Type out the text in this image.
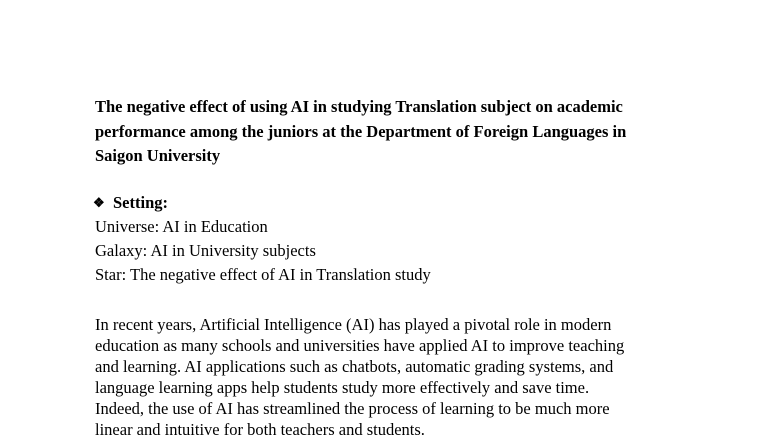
The negative effect of using AI in studying Translation subject on academic
performance among the juniors at the Department of Foreign Languages in
Saigon University
❖ Setting:
Universe: AI in Education
Galaxy: AI in University subjects
Star: The negative effect of AI in Translation study
In recent years, Artificial Intelligence (AI) has played a pivotal role in modern
education as many schools and universities have applied AI to improve teaching
and learning. AI applications such as chatbots, automatic grading systems, and
language learning apps help students study more effectively and save time.
Indeed, the use of AI has streamlined the process of learning to be much more
linear and intuitive for both teachers and students.
